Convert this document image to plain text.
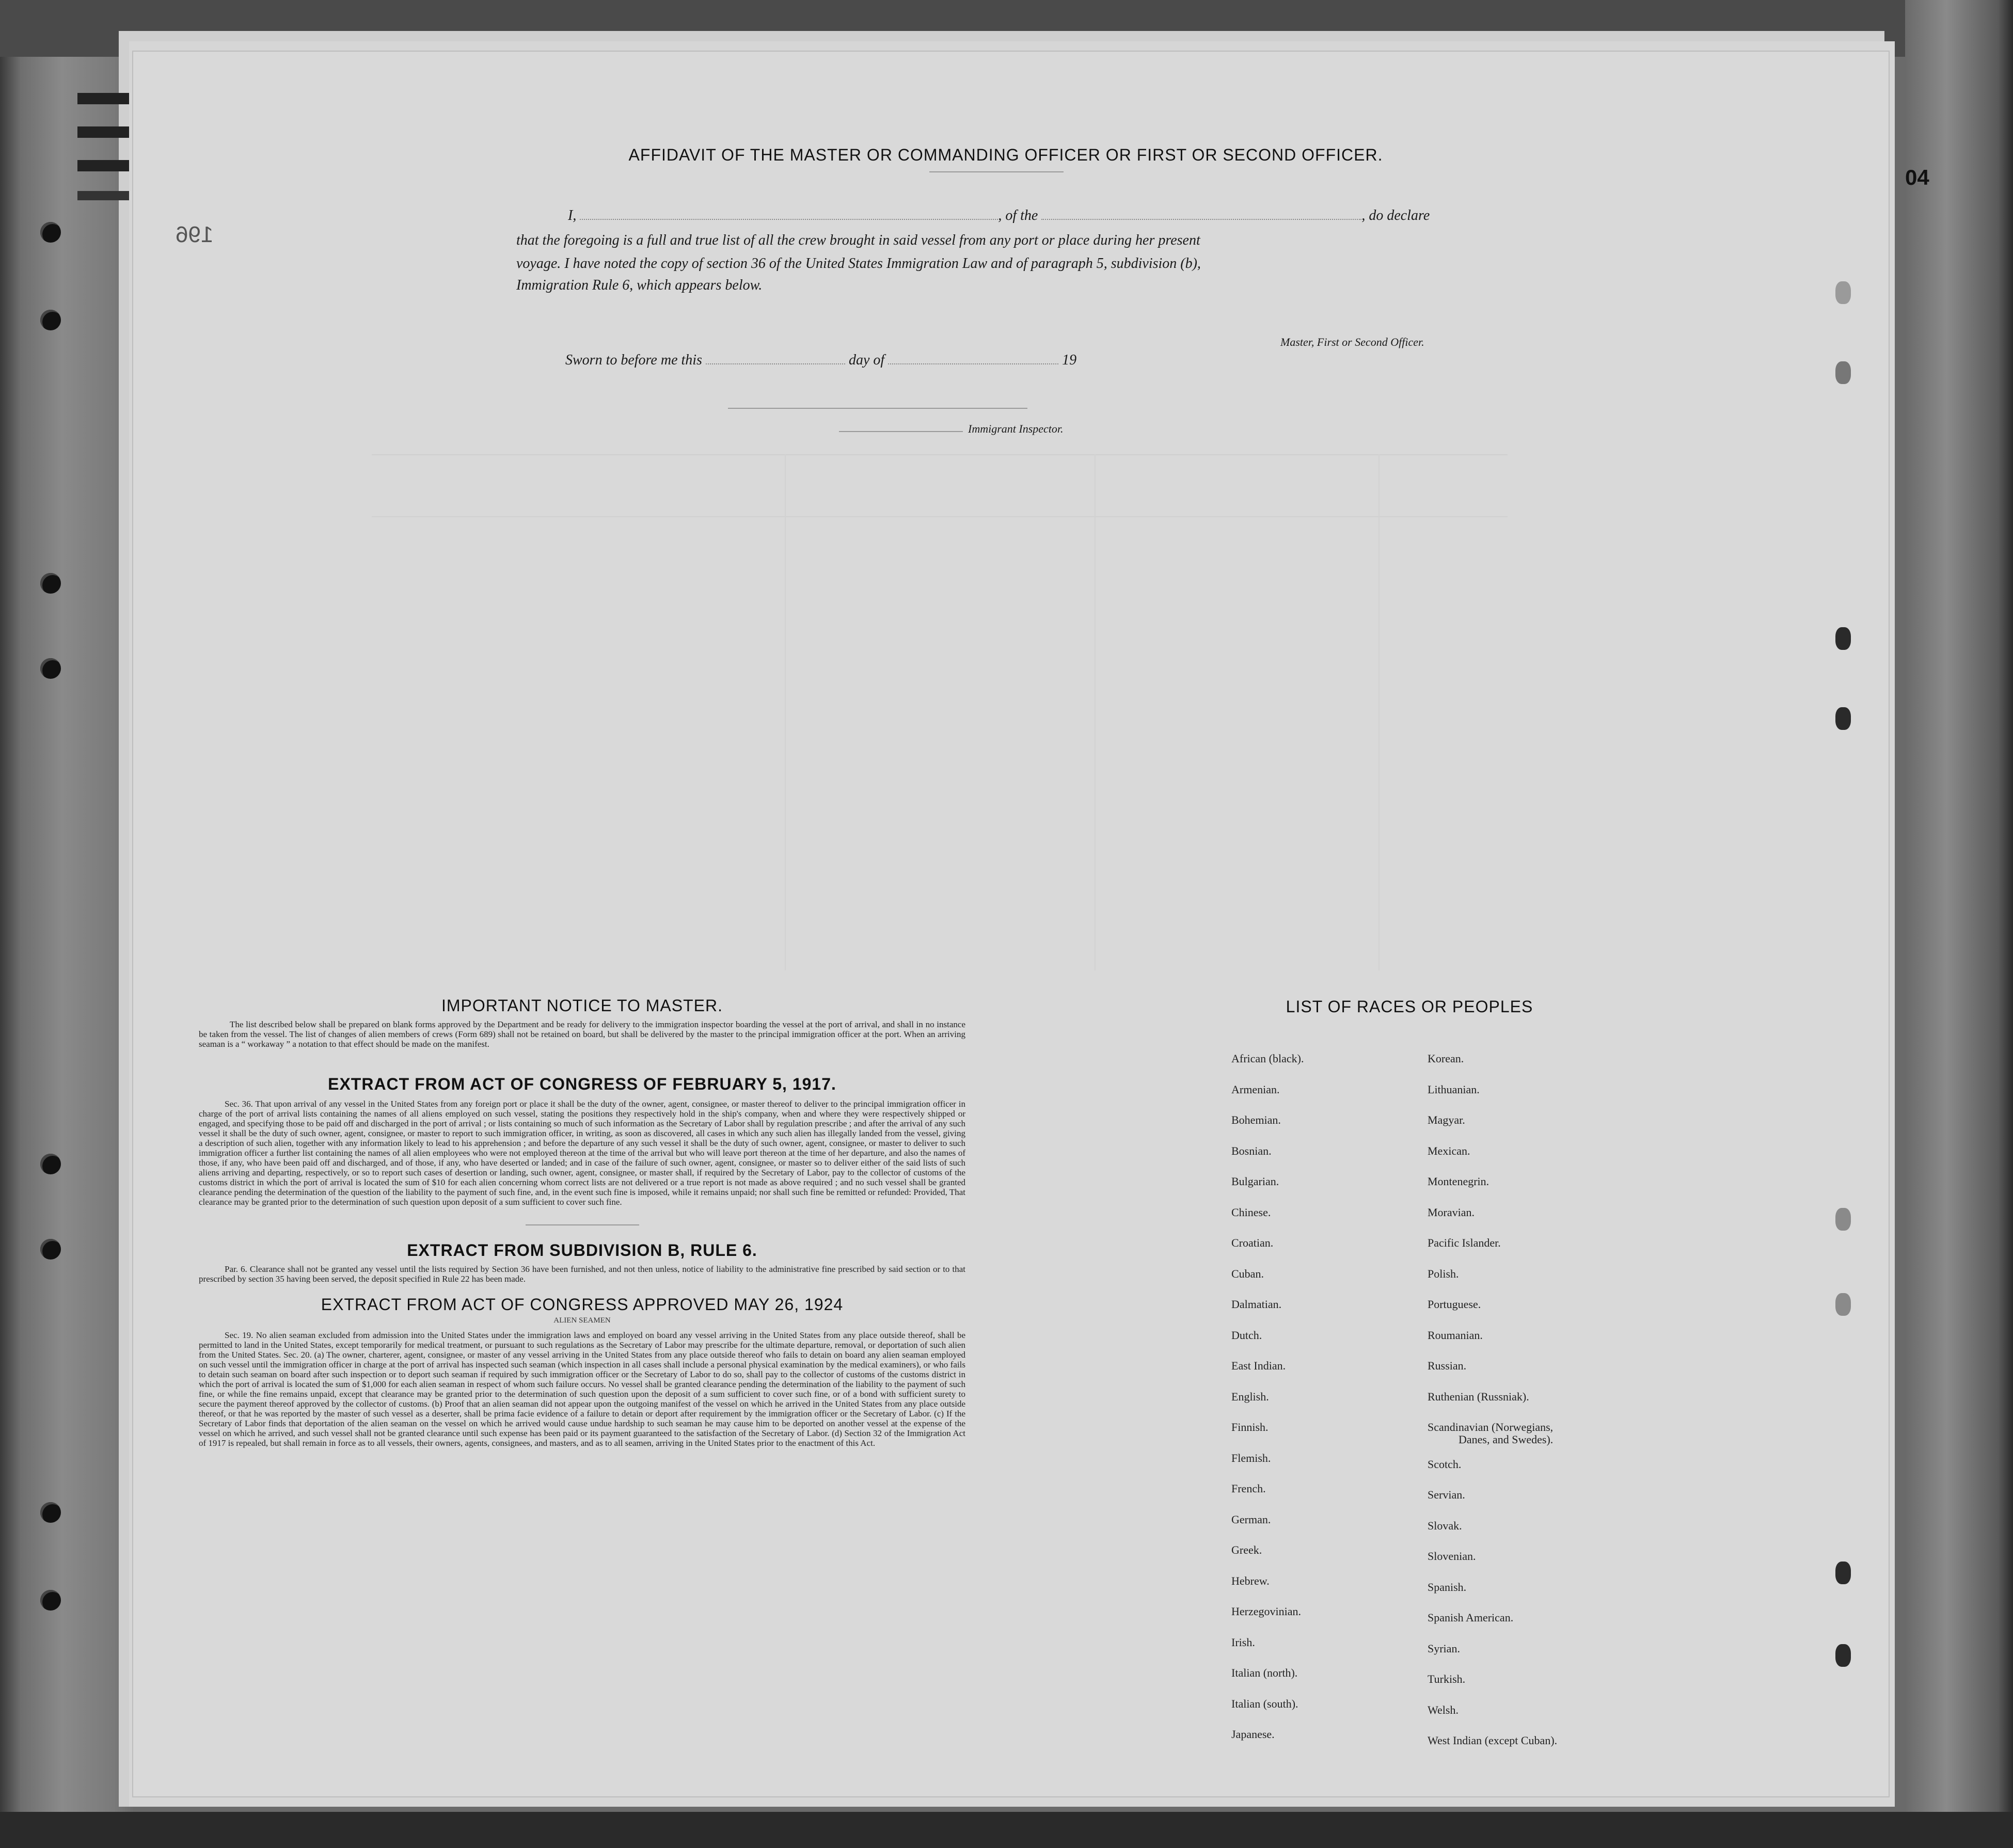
196
04
AFFIDAVIT OF THE MASTER OR COMMANDING OFFICER OR FIRST OR SECOND OFFICER.
I,	, of the	, do declare
that the foregoing is a full and true list of all the crew brought in said vessel from any port or place during her present
voyage. I have noted the copy of section 36 of the United States Immigration Law and of paragraph 5, subdivision (b),
Immigration Rule 6, which appears below.
Master, First or Second Officer.
Sworn to before me this	day of	19
Immigrant Inspector.
IMPORTANT NOTICE TO MASTER.
The list described below shall be prepared on blank forms approved by the Department and be ready for delivery to the immigration inspector boarding the vessel at the port of arrival, and shall in no instance be taken from the vessel. The list of changes of alien members of crews (Form 689) shall not be retained on board, but shall be delivered by the master to the principal immigration officer at the port. When an arriving seaman is a “ workaway ” a notation to that effect should be made on the manifest.
EXTRACT FROM ACT OF CONGRESS OF FEBRUARY 5, 1917.
Sec. 36. That upon arrival of any vessel in the United States from any foreign port or place it shall be the duty of the owner, agent, consignee, or master thereof to deliver to the principal immigration officer in charge of the port of arrival lists containing the names of all aliens employed on such vessel, stating the positions they respectively hold in the ship's company, when and where they were respectively shipped or engaged, and specifying those to be paid off and discharged in the port of arrival ; or lists containing so much of such information as the Secretary of Labor shall by regulation prescribe ; and after the arrival of any such vessel it shall be the duty of such owner, agent, consignee, or master to report to such immigration officer, in writing, as soon as discovered, all cases in which any such alien has illegally landed from the vessel, giving a description of such alien, together with any information likely to lead to his apprehension ; and before the departure of any such vessel it shall be the duty of such owner, agent, consignee, or master to deliver to such immigration officer a further list containing the names of all alien employees who were not employed thereon at the time of the arrival but who will leave port thereon at the time of her departure, and also the names of those, if any, who have been paid off and discharged, and of those, if any, who have deserted or landed; and in case of the failure of such owner, agent, consignee, or master so to deliver either of the said lists of such aliens arriving and departing, respectively, or so to report such cases of desertion or landing, such owner, agent, consignee, or master shall, if required by the Secretary of Labor, pay to the collector of customs of the customs district in which the port of arrival is located the sum of $10 for each alien concerning whom correct lists are not delivered or a true report is not made as above required ; and no such vessel shall be granted clearance pending the determination of the question of the liability to the payment of such fine, and, in the event such fine is imposed, while it remains unpaid; nor shall such fine be remitted or refunded: Provided, That clearance may be granted prior to the determination of such question upon deposit of a sum sufficient to cover such fine.
EXTRACT FROM SUBDIVISION B, RULE 6.
Par. 6. Clearance shall not be granted any vessel until the lists required by Section 36 have been furnished, and not then unless, notice of liability to the administrative fine prescribed by said section or to that prescribed by section 35 having been served, the deposit specified in Rule 22 has been made.
EXTRACT FROM ACT OF CONGRESS APPROVED MAY 26, 1924
ALIEN SEAMEN
Sec. 19. No alien seaman excluded from admission into the United States under the immigration laws and employed on board any vessel arriving in the United States from any place outside thereof, shall be permitted to land in the United States, except temporarily for medical treatment, or pursuant to such regulations as the Secretary of Labor may prescribe for the ultimate departure, removal, or deportation of such alien from the United States. Sec. 20. (a) The owner, charterer, agent, consignee, or master of any vessel arriving in the United States from any place outside thereof who fails to detain on board any alien seaman employed on such vessel until the immigration officer in charge at the port of arrival has inspected such seaman (which inspection in all cases shall include a personal physical examination by the medical examiners), or who fails to detain such seaman on board after such inspection or to deport such seaman if required by such immigration officer or the Secretary of Labor to do so, shall pay to the collector of customs of the customs district in which the port of arrival is located the sum of $1,000 for each alien seaman in respect of whom such failure occurs. No vessel shall be granted clearance pending the determination of the liability to the payment of such fine, or while the fine remains unpaid, except that clearance may be granted prior to the determination of such question upon the deposit of a sum sufficient to cover such fine, or of a bond with sufficient surety to secure the payment thereof approved by the collector of customs. (b) Proof that an alien seaman did not appear upon the outgoing manifest of the vessel on which he arrived in the United States from any place outside thereof, or that he was reported by the master of such vessel as a deserter, shall be prima facie evidence of a failure to detain or deport after requirement by the immigration officer or the Secretary of Labor. (c) If the Secretary of Labor finds that deportation of the alien seaman on the vessel on which he arrived would cause undue hardship to such seaman he may cause him to be deported on another vessel at the expense of the vessel on which he arrived, and such vessel shall not be granted clearance until such expense has been paid or its payment guaranteed to the satisfaction of the Secretary of Labor. (d) Section 32 of the Immigration Act of 1917 is repealed, but shall remain in force as to all vessels, their owners, agents, consignees, and masters, and as to all seamen, arriving in the United States prior to the enactment of this Act.
LIST OF RACES OR PEOPLES
African (black).
Armenian.
Bohemian.
Bosnian.
Bulgarian.
Chinese.
Croatian.
Cuban.
Dalmatian.
Dutch.
East Indian.
English.
Finnish.
Flemish.
French.
German.
Greek.
Hebrew.
Herzegovinian.
Irish.
Italian (north).
Italian (south).
Japanese.
Korean.
Lithuanian.
Magyar.
Mexican.
Montenegrin.
Moravian.
Pacific Islander.
Polish.
Portuguese.
Roumanian.
Russian.
Ruthenian (Russniak).
Scandinavian (Norwegians,
Scotch.
Servian.
Slovak.
Slovenian.
Spanish.
Spanish American.
Syrian.
Turkish.
Welsh.
West Indian (except Cuban).
Danes, and Swedes).
